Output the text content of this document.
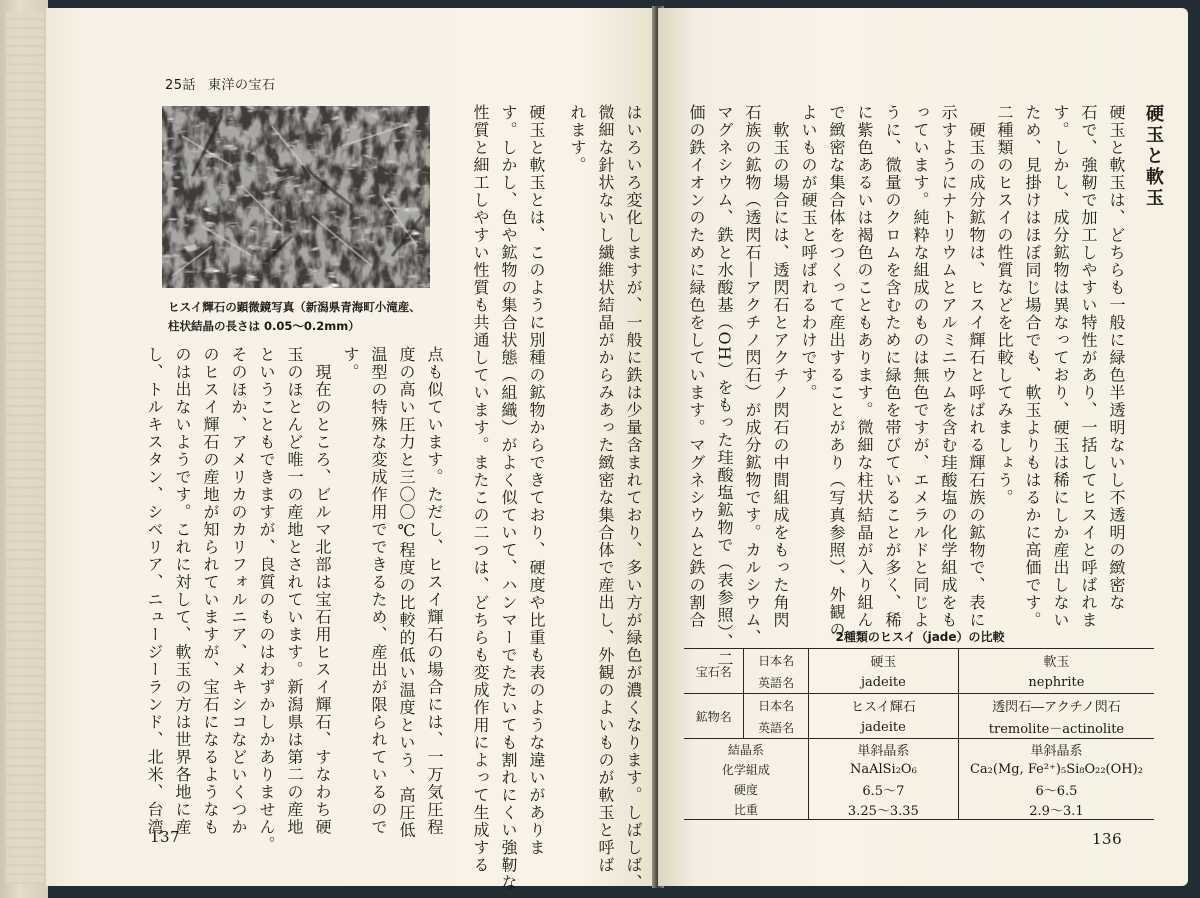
25話 東洋の宝石
ヒスイ輝石の顕微鏡写真（新潟県青海町小滝産、
柱状結晶の長さは 0.05〜0.2mm）	はいろいろ変化しますが、一般に鉄は少量含まれており、多い方が緑色が濃くなります。しばしば、
微細な針状ないし繊維状結晶がからみあった緻密な集合体で産出し、外観のよいものが軟玉と呼ば
れます。
硬玉と軟玉とは、このように別種の鉱物からできており、硬度や比重も表のような違いがありま
す。しかし、色や鉱物の集合状態（組織）がよく似ていて、ハンマーでたたいても割れにくい強靭な
性質と細工しやすい性質も共通しています。またこの二つは、どちらも変成作用によって生成する
点も似ています。ただし、ヒスイ輝石の場合には、一万気圧程
度の高い圧力と三〇〇℃程度の比較的低い温度という、高圧低
温型の特殊な変成作用でできるため、産出が限られているので
す。
　現在のところ、ビルマ北部は宝石用ヒスイ輝石、すなわち硬
玉のほとんど唯一の産地とされています。新潟県は第二の産地
ということもできますが、良質のものはわずかしかありません。
そのほか、アメリカのカリフォルニア、メキシコなどいくつか
のヒスイ輝石の産地が知られていますが、宝石になるようなも
のは出ないようです。これに対して、軟玉の方は世界各地に産
し、トルキスタン、シベリア、ニュージーランド、北米、台湾
137
硬玉と軟玉
硬玉と軟玉は、どちらも一般に緑色半透明ないし不透明の緻密な
石で、強靭で加工しやすい特性があり、一括してヒスイと呼ばれま
す。しかし、成分鉱物は異なっており、硬玉は稀にしか産出しない
ため、見掛けはほぼ同じ場合でも、軟玉よりもはるかに高価です。
二種類のヒスイの性質などを比較してみましょう。
　硬玉の成分鉱物は、ヒスイ輝石と呼ばれる輝石族の鉱物で、表に
示すようにナトリウムとアルミニウムを含む珪酸塩の化学組成をも
っています。純粋な組成のものは無色ですが、エメラルドと同じよ
うに、微量のクロムを含むために緑色を帯びていることが多く、稀
に紫色あるいは褐色のこともあります。微細な柱状結晶が入り組ん
で緻密な集合体をつくって産出することがあり（写真参照）、外観の
よいものが硬玉と呼ばれるわけです。
　軟玉の場合には、透閃石とアクチノ閃石の中間組成をもった角閃
石族の鉱物（透閃石―アクチノ閃石）が成分鉱物です。カルシウム、
マグネシウム、鉄と水酸基（OH）をもった珪酸塩鉱物で（表参照）、二
価の鉄イオンのために緑色をしています。マグネシウムと鉄の割合
2種類のヒスイ（jade）の比較
宝石名	日本名	硬玉	軟玉
	英語名	jadeite	nephrite
鉱物名	日本名	ヒスイ輝石	透閃石―アクチノ閃石
	英語名	jadeite	tremolite－actinolite
結晶系		単斜晶系	単斜晶系
化学組成		NaAlSi₂O₆	Ca₂(Mg, Fe²⁺)₅Si₈O₂₂(OH)₂
硬度		6.5〜7	6〜6.5
比重		3.25〜3.35	2.9〜3.1
136
